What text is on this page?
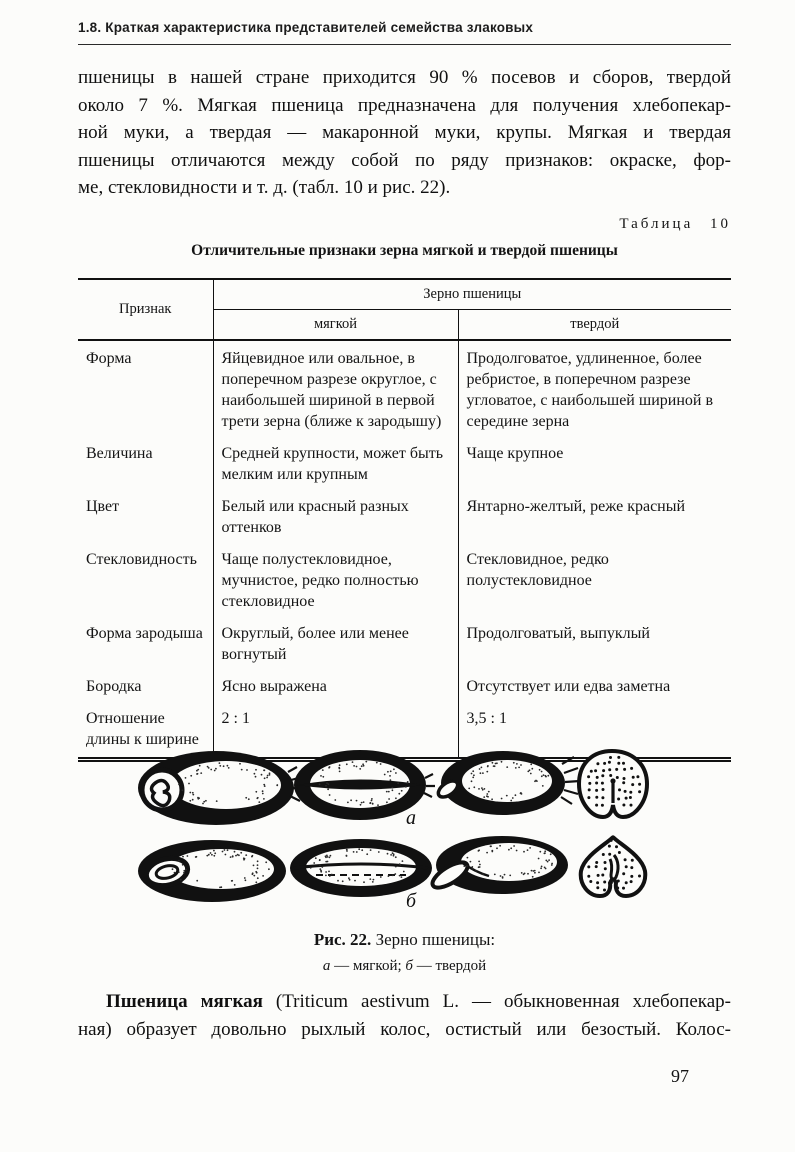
1.8. Краткая характеристика представителей семейства злаковых
пшеницы в нашей стране приходится 90 % посевов и сборов, твердой
около 7 %. Мягкая пшеница предназначена для получения хлебопекар-
ной муки, а твердая — макаронной муки, крупы. Мягкая и твердая
пшеницы отличаются между собой по ряду признаков: окраске, фор-
ме, стекловидности и т. д. (табл. 10 и рис. 22).
Таблица 10
Отличительные признаки зерна мягкой и твердой пшеницы
Признак	Зерно пшеницы	
	мягкой	твердой
Форма	Яйцевидное или овальное, в поперечном разрезе округлое, с наибольшей шириной в первой трети зерна (ближе к зародышу)	Продолговатое, удлиненное, более ребристое, в поперечном разрезе угловатое, с наибольшей шириной в середине зерна
Величина	Средней крупности, может быть мелким или крупным	Чаще крупное
Цвет	Белый или красный разных оттенков	Янтарно-желтый, реже красный
Стекловидность	Чаще полустекловидное, мучнистое, редко полностью стекловидное	Стекловидное, редко полустекловидное
Форма зародыша	Округлый, более или менее вогнутый	Продолговатый, выпуклый
Бородка	Ясно выражена	Отсутствует или едва заметна
Отношение длины к ширине	2 : 1	3,5 : 1
а
б
Рис. 22. Зерно пшеницы:
а — мягкой; б — твердой
Пшеница мягкая (Triticum aestivum L. — обыкновенная хлебопекар-
ная) образует довольно рыхлый колос, остистый или безостый. Колос-
97
